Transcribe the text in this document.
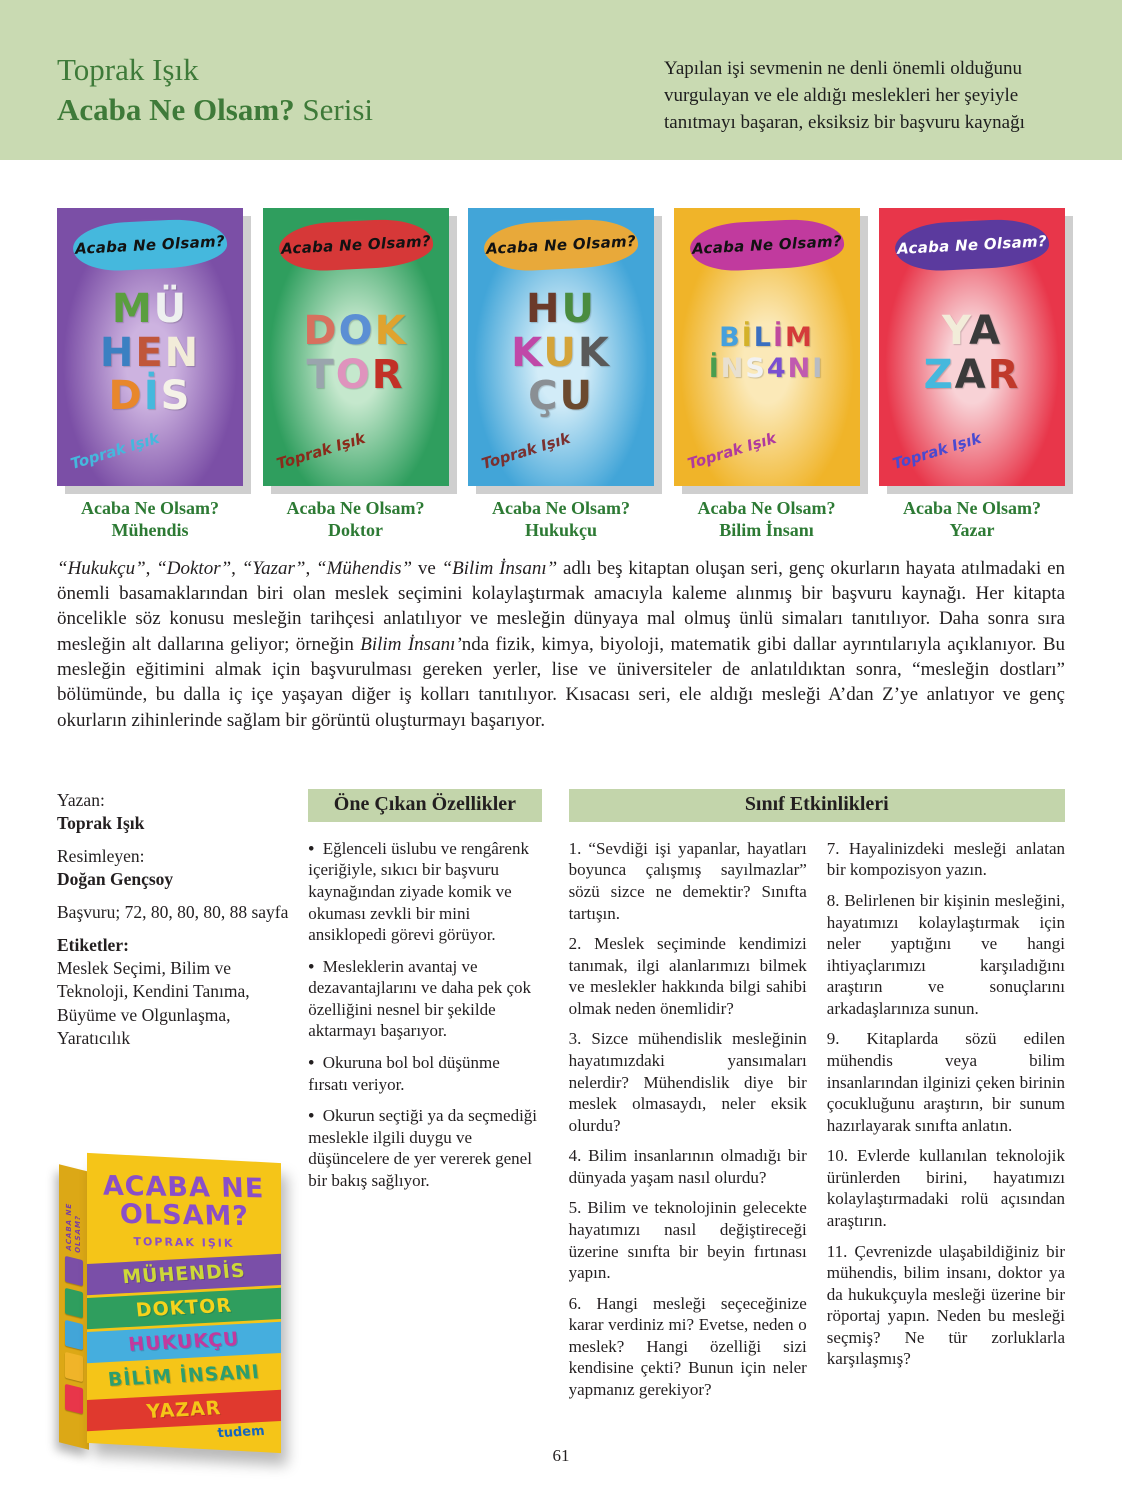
Toprak Işık
Acaba Ne Olsam? Serisi
Yapılan işi sevmenin ne denli önemli olduğunu vurgulayan ve ele aldığı meslekleri her şeyiyle tanıtmayı başaran, eksiksiz bir başvuru kaynağı
Acaba Ne Olsam?
MÜ
HEN
DİS
Toprak Işık
Acaba Ne Olsam?
Mühendis
Acaba Ne Olsam?
DOK
TOR
Toprak Işık
Acaba Ne Olsam?
Doktor
Acaba Ne Olsam?
HU
KUK
ÇU
Toprak Işık
Acaba Ne Olsam?
Hukukçu
Acaba Ne Olsam?
BİLİM
İNS4NI
Toprak Işık
Acaba Ne Olsam?
Bilim İnsanı
Acaba Ne Olsam?
YA
ZAR
Toprak Işık
Acaba Ne Olsam?
Yazar

“Hukukçu”, “Doktor”, “Yazar”, “Mühendis” ve “Bilim İnsanı” adlı beş kitaptan oluşan seri, genç okurların hayata atılmadaki en önemli basamaklarından biri olan meslek seçimini kolaylaştırmak amacıyla kaleme alınmış bir başvuru kaynağı. Her kitapta öncelikle söz konusu mesleğin tarihçesi anlatılıyor ve mesleğin dünyaya mal olmuş ünlü simaları tanıtılıyor. Daha sonra sıra mesleğin alt dallarına geliyor; örneğin Bilim İnsanı’nda fizik, kimya, biyoloji, matematik gibi dallar ayrıntılarıyla açıklanıyor. Bu mesleğin eğitimini almak için başvurulması gereken yerler, lise ve üniversiteler de anlatıldıktan sonra, “mesleğin dostları” bölümünde, bu dalla iç içe yaşayan diğer iş kolları tanıtılıyor. Kısacası seri, ele aldığı mesleği A’dan Z’ye anlatıyor ve genç okurların zihinlerinde sağlam bir görüntü oluşturmayı başarıyor.

Yazan:
Toprak Işık

Resimleyen:
Doğan Gençsoy

Başvuru; 72, 80, 80, 80, 88 sayfa

Etiketler:
Meslek Seçimi, Bilim ve Teknoloji, Kendini Tanıma, Büyüme ve Olgunlaşma, Yaratıcılık

ACABA NE OLSAM?
ACABA NE OLSAM?
TOPRAK IŞIK
MÜHENDİS
DOKTOR
HUKUKÇU
BİLİM İNSANI
YAZAR
tudem
Öne Çıkan Özellikler

•  Eğlenceli üslubu ve rengârenk içeriğiyle, sıkıcı bir başvuru kaynağından ziyade komik ve okuması zevkli bir mini ansiklopedi görevi görüyor.

•  Mesleklerin avantaj ve dezavantajlarını ve daha pek çok özelliğini nesnel bir şekilde aktarmayı başarıyor.

•  Okuruna bol bol düşünme fırsatı veriyor.

•  Okurun seçtiği ya da seçmediği meslekle ilgili duygu ve düşüncelere de yer vererek genel bir bakış sağlıyor.

Sınıf Etkinlikleri

1. “Sevdiği işi yapanlar, hayatları boyunca çalışmış sayılmazlar” sözü sizce ne demektir? Sınıfta tartışın.

2. Meslek seçiminde kendimizi tanımak, ilgi alanlarımızı bilmek ve meslekler hakkında bilgi sahibi olmak neden önemlidir?

3. Sizce mühendislik mesleğinin hayatımızdaki yansımaları nelerdir? Mühendislik diye bir meslek olmasaydı, neler eksik olurdu?

4. Bilim insanlarının olmadığı bir dünyada yaşam nasıl olurdu?

5. Bilim ve teknolojinin gelecekte hayatımızı nasıl değiştireceği üzerine sınıfta bir beyin fırtınası yapın.

6. Hangi mesleği seçeceğinize karar verdiniz mi? Evetse, neden o meslek? Hangi özelliği sizi kendisine çekti? Bunun için neler yapmanız gerekiyor?

7. Hayalinizdeki mesleği anlatan bir kompozisyon yazın.

8. Belirlenen bir kişinin mesleğini, hayatımızı kolaylaştırmak için neler yaptığını ve hangi ihtiyaçlarımızı karşıladığını araştırın ve sonuçlarını arkadaşlarınıza sunun.

9. Kitaplarda sözü edilen mühendis veya bilim insanlarından ilginizi çeken birinin çocukluğunu araştırın, bir sunum hazırlayarak sınıfta anlatın.

10. Evlerde kullanılan teknolojik ürünlerden birini, hayatımızı kolaylaştırmadaki rolü açısından araştırın.

11. Çevrenizde ulaşabildiğiniz bir mühendis, bilim insanı, doktor ya da hukukçuyla mesleği üzerine bir röportaj yapın. Neden bu mesleği seçmiş? Ne tür zorluklarla karşılaşmış?

61
